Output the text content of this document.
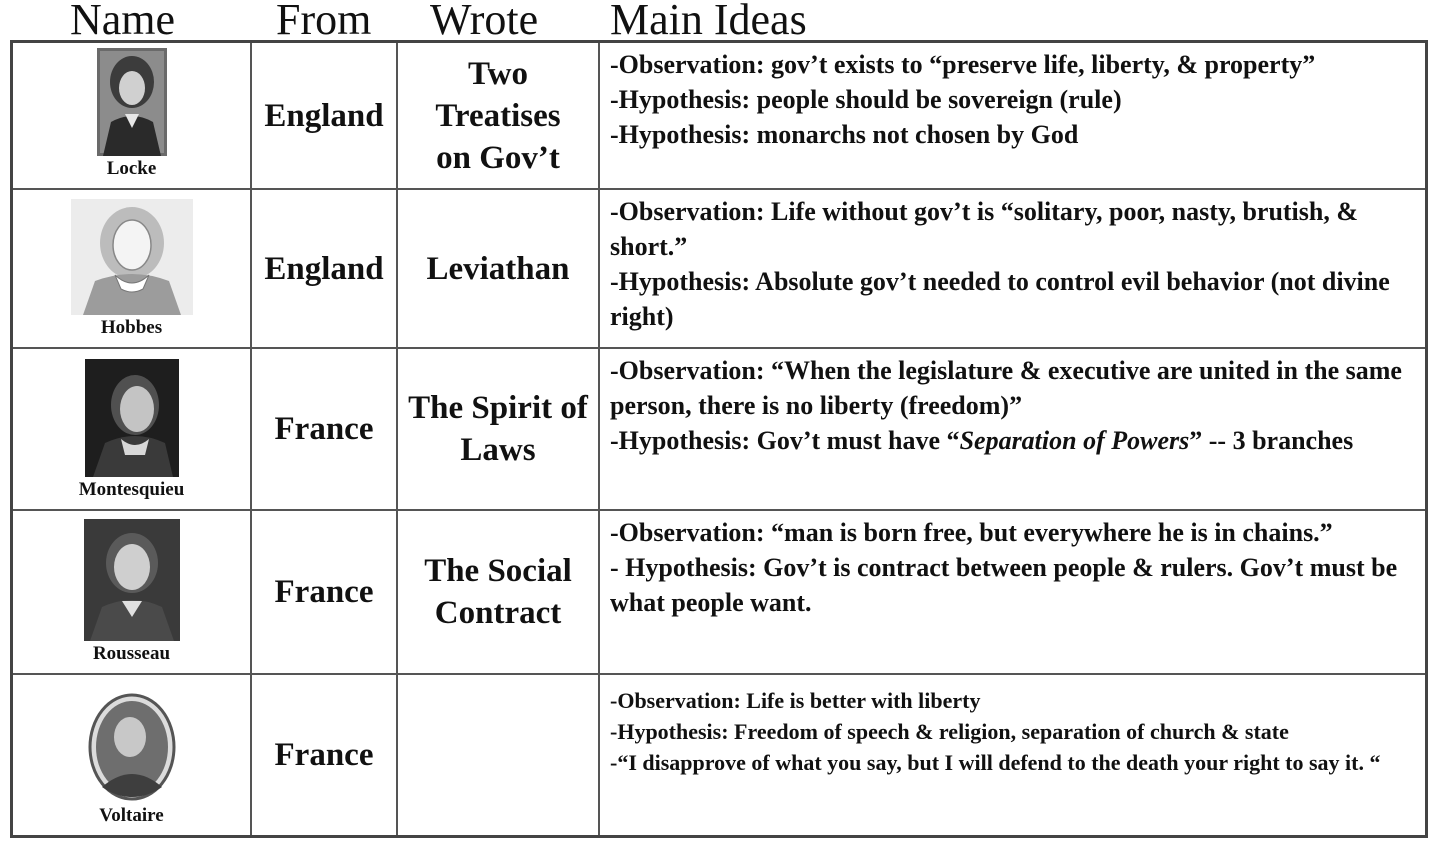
Name From Wrote Main Ideas
Locke
England
Two Treatises on Gov’t
-Observation: gov’t exists to “preserve life, liberty, & property”
-Hypothesis: people should be sovereign (rule)
-Hypothesis: monarchs not chosen by God
Hobbes
England Leviathan
-Observation: Life without gov’t is “solitary, poor, nasty, brutish, & short.”
-Hypothesis: Absolute gov’t needed to control evil behavior (not divine right)
Montesquieu
France
The Spirit of Laws
-Observation: “When the legislature & executive are united in the same person, there is no liberty (freedom)”
-Hypothesis: Gov’t must have “Separation of Powers” -- 3 branches
Rousseau
France
The Social Contract
-Observation: “man is born free, but everywhere he is in chains.”
- Hypothesis: Gov’t is contract between people & rulers. Gov’t must be what people want.
Voltaire
France
-Observation: Life is better with liberty
-Hypothesis: Freedom of speech & religion, separation of church & state
-“I disapprove of what you say, but I will defend to the death your right to say it. “
